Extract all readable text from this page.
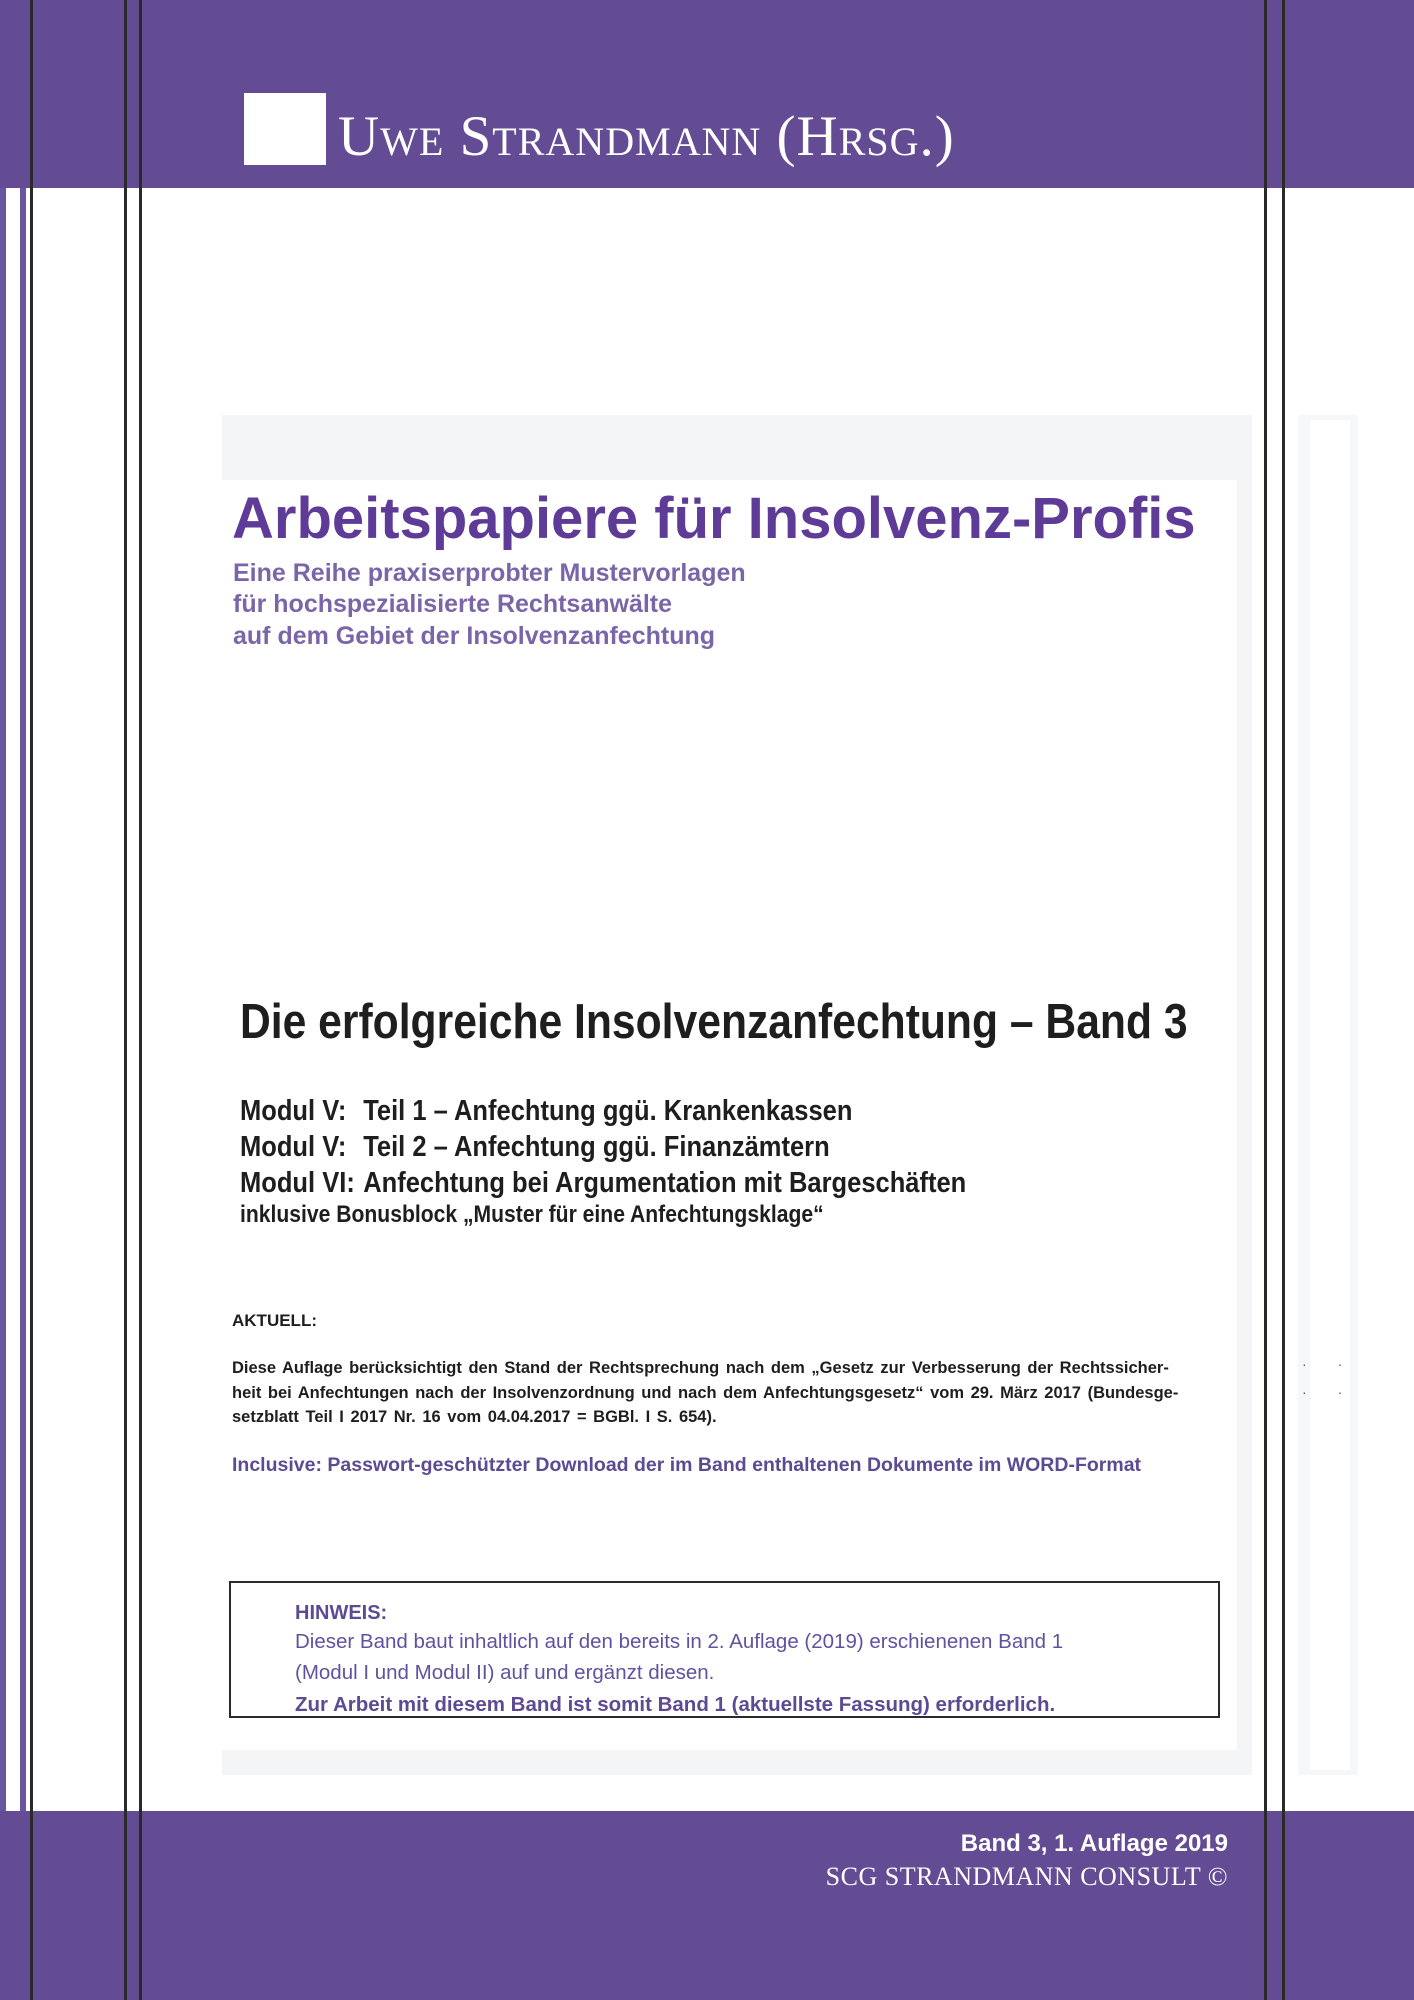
Uwe Strandmann (Hrsg.)
Arbeitspapiere für Insolvenz-Profis
Eine Reihe praxiserprobter Mustervorlagen
für hochspezialisierte Rechtsanwälte
auf dem Gebiet der Insolvenzanfechtung
Die erfolgreiche Insolvenzanfechtung – Band 3
Modul V: Teil 1 – Anfechtung ggü. Krankenkassen
Modul V: Teil 2 – Anfechtung ggü. Finanzämtern
Modul VI: Anfechtung bei Argumentation mit Bargeschäften
inklusive Bonusblock „Muster für eine Anfechtungsklage“
AKTUELL:
Diese Auflage berücksichtigt den Stand der Rechtsprechung nach dem „Gesetz zur Verbesserung der Rechtssicher-
heit bei Anfechtungen nach der Insolvenzordnung und nach dem Anfechtungsgesetz“ vom 29. März 2017 (Bundesge-
setzblatt Teil I 2017 Nr. 16 vom 04.04.2017 = BGBl. I S. 654).
Inclusive: Passwort-geschützter Download der im Band enthaltenen Dokumente im WORD-Format
·        ·
·        ·
HINWEIS:
Dieser Band baut inhaltlich auf den bereits in 2. Auflage (2019) erschienenen Band 1
(Modul I und Modul II) auf und ergänzt diesen.
Zur Arbeit mit diesem Band ist somit Band 1 (aktuellste Fassung) erforderlich.
Band 3, 1. Auflage 2019
SCG STRANDMANN CONSULT ©
